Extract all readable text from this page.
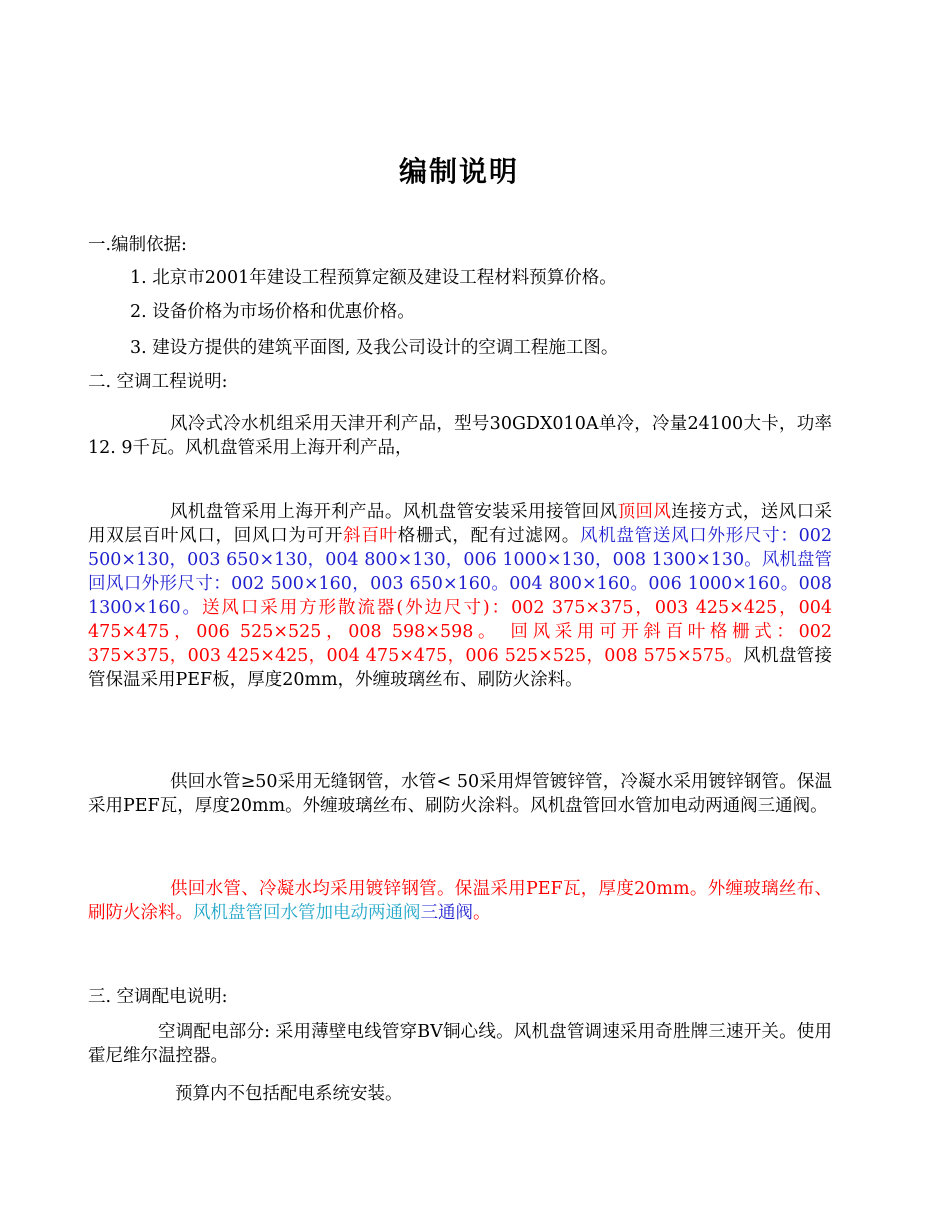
编制说明
一.编制依据:
1. 北京市2001年建设工程预算定额及建设工程材料预算价格。
2. 设备价格为市场价格和优惠价格。
3. 建设方提供的建筑平面图, 及我公司设计的空调工程施工图。
二. 空调工程说明:
风冷式冷水机组采用天津开利产品，型号30GDX010A单冷，冷量24100大卡，功率12. 9千瓦。风机盘管采用上海开利产品，
风机盘管采用上海开利产品。风机盘管安装采用接管回风顶回风连接方式，送风口采用双层百叶风口，回风口为可开斜百叶格栅式，配有过滤网。风机盘管送风口外形尺寸：002 500×130，003 650×130，004 800×130，006 1000×130，008 1300×130。风机盘管回风口外形尺寸：002 500×160，003 650×160。004 800×160。006 1000×160。008 1300×160。送风口采用方形散流器(外边尺寸)：002 375×375，003 425×425，004 475×475，006 525×525，008 598×598。 回风采用可开斜百叶格栅式：002 375×375，003 425×425，004 475×475，006 525×525，008 575×575。风机盘管接管保温采用PEF板，厚度20mm，外缠玻璃丝布、刷防火涂料。
供回水管≥50采用无缝钢管，水管< 50采用焊管镀锌管，冷凝水采用镀锌钢管。保温采用PEF瓦，厚度20mm。外缠玻璃丝布、刷防火涂料。风机盘管回水管加电动两通阀三通阀。
供回水管、冷凝水均采用镀锌钢管。保温采用PEF瓦，厚度20mm。外缠玻璃丝布、刷防火涂料。风机盘管回水管加电动两通阀三通阀。
三. 空调配电说明:
空调配电部分: 采用薄壁电线管穿BV铜心线。风机盘管调速采用奇胜牌三速开关。使用霍尼维尔温控器。
预算内不包括配电系统安装。
